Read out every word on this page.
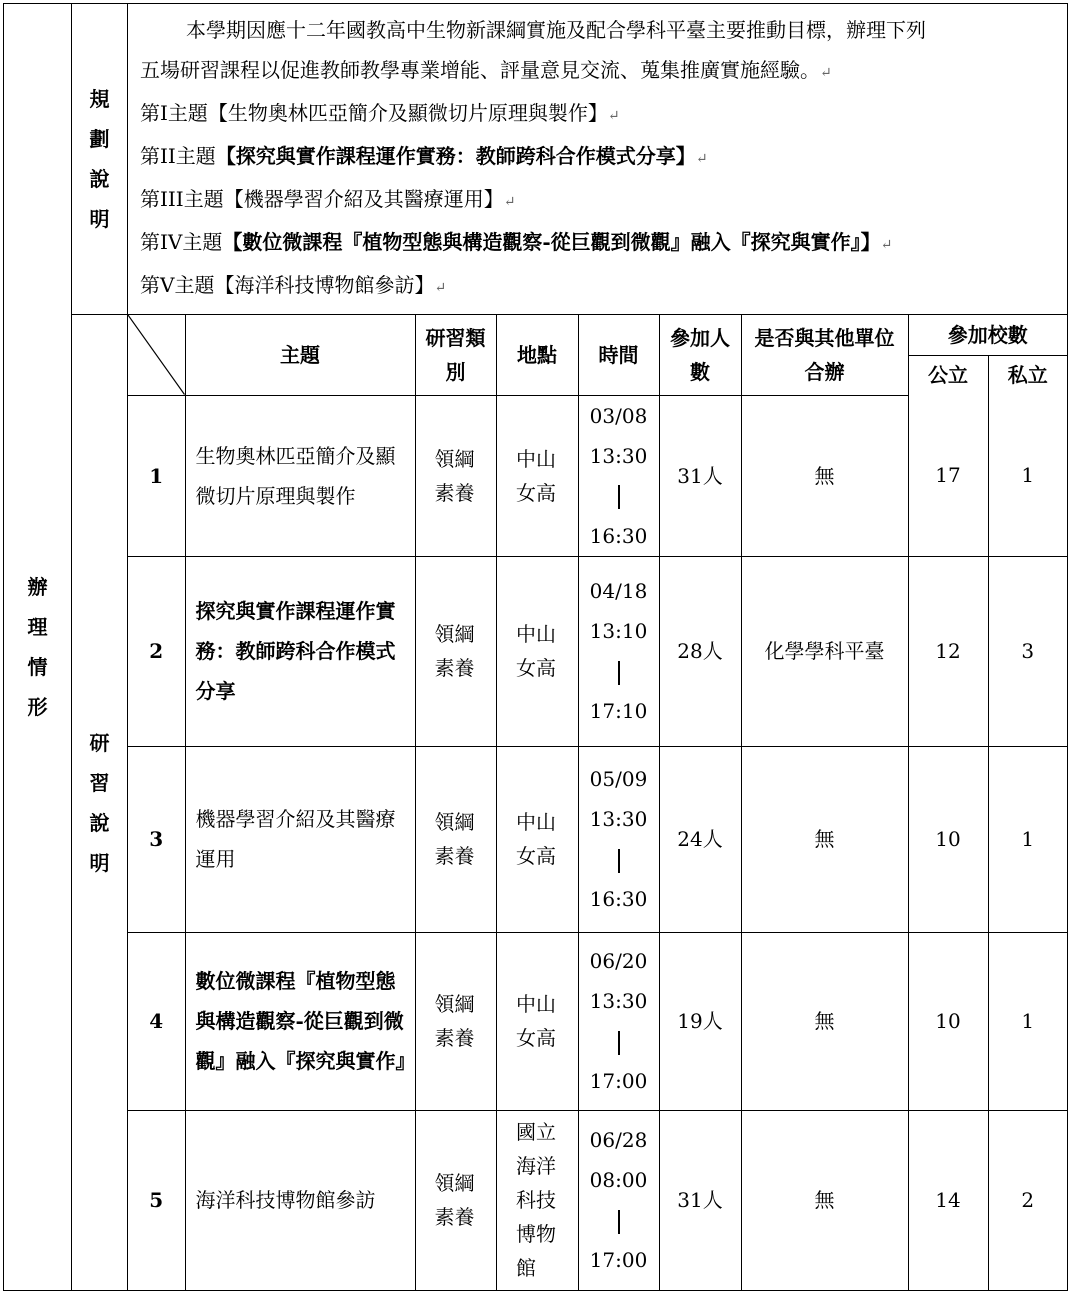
辦
理
情
形

規
劃
說
明

本學期因應十二年國教高中生物新課綱實施及配合學科平臺主要推動目標，辦理下列

五場研習課程以促進教師教學專業增能、評量意見交流、蒐集推廣實施經驗。↵

第I主題【生物奧林匹亞簡介及顯微切片原理與製作】↵

第II主題【探究與實作課程運作實務：教師跨科合作模式分享】↵

第III主題【機器學習介紹及其醫療運用】↵

第IV主題【數位微課程『植物型態與構造觀察-從巨觀到微觀』融入『探究與實作』】↵

第V主題【海洋科技博物館參訪】↵

研
習
說
明

	主題	研習類別	地點	時間	參加人數	是否與其他單位合辦	參加校數
公立	私立
1	生物奧林匹亞簡介及顯微切片原理與製作	領綱素養	中山女高	
03/08
13:30
16:30
	31人	無	17	1
2	探究與實作課程運作實務：教師跨科合作模式分享	領綱素養	中山女高	
04/18
13:10
17:10
	28人	化學學科平臺	12	3
3	機器學習介紹及其醫療運用	領綱素養	中山女高	
05/09
13:30
16:30
	24人	無	10	1
4	數位微課程『植物型態與構造觀察-從巨觀到微觀』融入『探究與實作』	領綱素養	中山女高	
06/20
13:30
17:00
	19人	無	10	1
5	海洋科技博物館參訪	領綱素養	國立海洋科技博物館	
06/28
08:00
17:00
	31人	無	14	2
